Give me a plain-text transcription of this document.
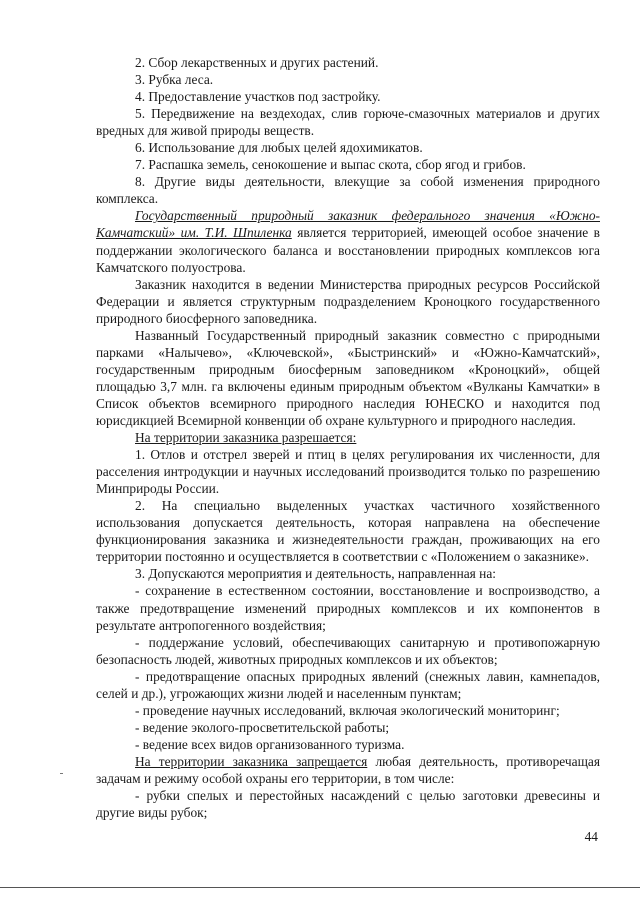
2. Сбор лекарственных и других растений.

3. Рубка леса.

4. Предоставление участков под застройку.

5. Передвижение на вездеходах, слив горюче-смазочных материалов и других вредных для живой природы веществ.

6. Использование для любых целей ядохимикатов.

7. Распашка земель, сенокошение и выпас скота, сбор ягод и грибов.

8. Другие виды деятельности, влекущие за собой изменения природного комплекса.

Государственный природный заказник федерального значения «Южно-Камчатский» им. Т.И. Шпиленка является территорией, имеющей особое значение в поддержании экологического баланса и восстановлении природных комплексов юга Камчатского полуострова.

Заказник находится в ведении Министерства природных ресурсов Российской Федерации и является структурным подразделением Кроноцкого государственного природного биосферного заповедника.

Названный Государственный природный заказник совместно с природными парками «Налычево», «Ключевской», «Быстринский» и «Южно-Камчатский», государственным природным биосферным заповедником «Кроноцкий», общей площадью 3,7 млн. га включены единым природным объектом «Вулканы Камчатки» в Список объектов всемирного природного наследия ЮНЕСКО и находится под юрисдикцией Всемирной конвенции об охране культурного и природного наследия.

На территории заказника разрешается:

1. Отлов и отстрел зверей и птиц в целях регулирования их численности, для расселения интродукции и научных исследований производится только по разрешению Минприроды России.

2. На специально выделенных участках частичного хозяйственного использования допускается деятельность, которая направлена на обеспечение функционирования заказника и жизнедеятельности граждан, проживающих на его территории постоянно и осуществляется в соответствии с «Положением о заказнике».

3. Допускаются мероприятия и деятельность, направленная на:

- сохранение в естественном состоянии, восстановление и воспроизводство, а также предотвращение изменений природных комплексов и их компонентов в результате антропогенного воздействия;

- поддержание условий, обеспечивающих санитарную и противопожарную безопасность людей, животных природных комплексов и их объектов;

- предотвращение опасных природных явлений (снежных лавин, камнепадов, селей и др.), угрожающих жизни людей и населенным пунктам;

- проведение научных исследований, включая экологический мониторинг;

- ведение эколого-просветительской работы;

- ведение всех видов организованного туризма.

На территории заказника запрещается любая деятельность, противоречащая задачам и режиму особой охраны его территории, в том числе:

- рубки спелых и перестойных насаждений с целью заготовки древесины и другие виды рубок;

44
